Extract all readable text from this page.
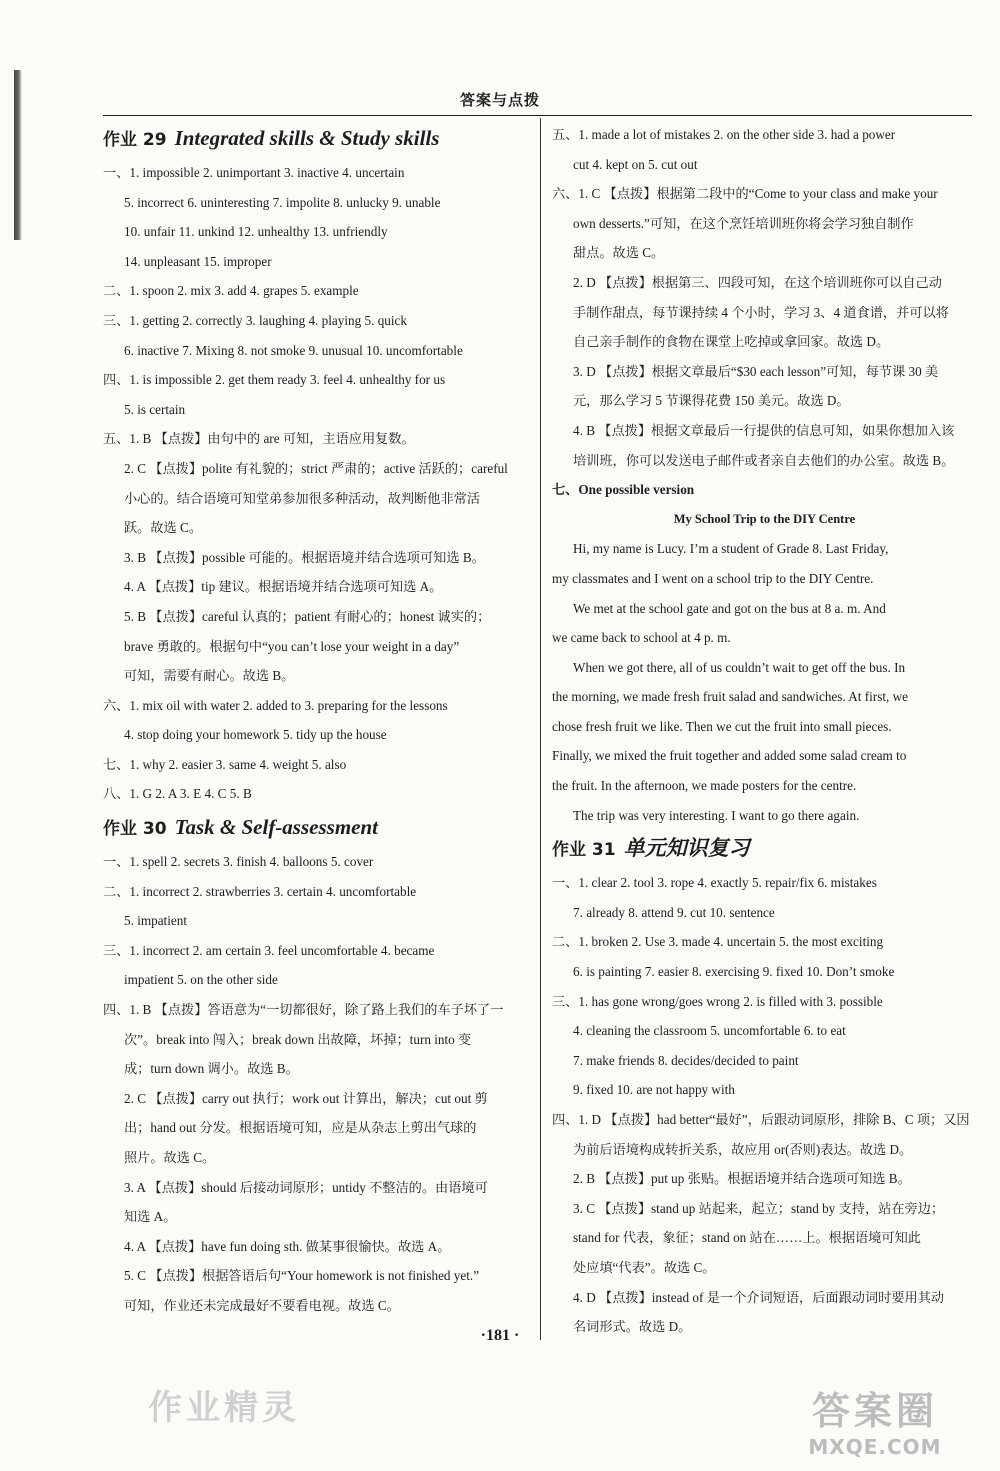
答案与点拨
作业 29 Integrated skills & Study skills
一、1. impossible 2. unimportant 3. inactive 4. uncertain
5. incorrect 6. uninteresting 7. impolite 8. unlucky 9. unable
10. unfair 11. unkind 12. unhealthy 13. unfriendly
14. unpleasant 15. improper
二、1. spoon 2. mix 3. add 4. grapes 5. example
三、1. getting 2. correctly 3. laughing 4. playing 5. quick
6. inactive 7. Mixing 8. not smoke 9. unusual 10. uncomfortable
四、1. is impossible 2. get them ready 3. feel 4. unhealthy for us
5. is certain
五、1. B 【点拨】由句中的 are 可知，主语应用复数。
2. C 【点拨】polite 有礼貌的；strict 严肃的；active 活跃的；careful
小心的。结合语境可知堂弟参加很多种活动，故判断他非常活
跃。故选 C。
3. B 【点拨】possible 可能的。根据语境并结合选项可知选 B。
4. A 【点拨】tip 建议。根据语境并结合选项可知选 A。
5. B 【点拨】careful 认真的；patient 有耐心的；honest 诚实的；
brave 勇敢的。根据句中“you can’t lose your weight in a day”
可知，需要有耐心。故选 B。
六、1. mix oil with water 2. added to 3. preparing for the lessons
4. stop doing your homework 5. tidy up the house
七、1. why 2. easier 3. same 4. weight 5. also
八、1. G 2. A 3. E 4. C 5. B
作业 30 Task & Self-assessment
一、1. spell 2. secrets 3. finish 4. balloons 5. cover
二、1. incorrect 2. strawberries 3. certain 4. uncomfortable
5. impatient
三、1. incorrect 2. am certain 3. feel uncomfortable 4. became
impatient 5. on the other side
四、1. B 【点拨】答语意为“一切都很好，除了路上我们的车子坏了一
次”。break into 闯入；break down 出故障，坏掉；turn into 变
成；turn down 调小。故选 B。
2. C 【点拨】carry out 执行；work out 计算出，解决；cut out 剪
出；hand out 分发。根据语境可知，应是从杂志上剪出气球的
照片。故选 C。
3. A 【点拨】should 后接动词原形；untidy 不整洁的。由语境可
知选 A。
4. A 【点拨】have fun doing sth. 做某事很愉快。故选 A。
5. C 【点拨】根据答语后句“Your homework is not finished yet.”
可知，作业还未完成最好不要看电视。故选 C。
五、1. made a lot of mistakes 2. on the other side 3. had a power
cut 4. kept on 5. cut out
六、1. C 【点拨】根据第二段中的“Come to your class and make your
own desserts.”可知，在这个烹饪培训班你将会学习独自制作
甜点。故选 C。
2. D 【点拨】根据第三、四段可知，在这个培训班你可以自己动
手制作甜点，每节课持续 4 个小时，学习 3、4 道食谱，并可以将
自己亲手制作的食物在课堂上吃掉或拿回家。故选 D。
3. D 【点拨】根据文章最后“$30 each lesson”可知，每节课 30 美
元，那么学习 5 节课得花费 150 美元。故选 D。
4. B 【点拨】根据文章最后一行提供的信息可知，如果你想加入该
培训班，你可以发送电子邮件或者亲自去他们的办公室。故选 B。
七、One possible version
My School Trip to the DIY Centre
Hi, my name is Lucy. I’m a student of Grade 8. Last Friday,
my classmates and I went on a school trip to the DIY Centre.
We met at the school gate and got on the bus at 8 a. m. And
we came back to school at 4 p. m.
When we got there, all of us couldn’t wait to get off the bus. In
the morning, we made fresh fruit salad and sandwiches. At first, we
chose fresh fruit we like. Then we cut the fruit into small pieces.
Finally, we mixed the fruit together and added some salad cream to
the fruit. In the afternoon, we made posters for the centre.
The trip was very interesting. I want to go there again.
作业 31 单元知识复习
一、1. clear 2. tool 3. rope 4. exactly 5. repair/fix 6. mistakes
7. already 8. attend 9. cut 10. sentence
二、1. broken 2. Use 3. made 4. uncertain 5. the most exciting
6. is painting 7. easier 8. exercising 9. fixed 10. Don’t smoke
三、1. has gone wrong/goes wrong 2. is filled with 3. possible
4. cleaning the classroom 5. uncomfortable 6. to eat
7. make friends 8. decides/decided to paint
9. fixed 10. are not happy with
四、1. D 【点拨】had better“最好”，后跟动词原形，排除 B、C 项；又因
为前后语境构成转折关系，故应用 or(否则)表达。故选 D。
2. B 【点拨】put up 张贴。根据语境并结合选项可知选 B。
3. C 【点拨】stand up 站起来，起立；stand by 支持，站在旁边；
stand for 代表，象征；stand on 站在……上。根据语境可知此
处应填“代表”。故选 C。
4. D 【点拨】instead of 是一个介词短语，后面跟动词时要用其动
名词形式。故选 D。
·181 ·
作业精灵	答案圈
MXQE.COM
